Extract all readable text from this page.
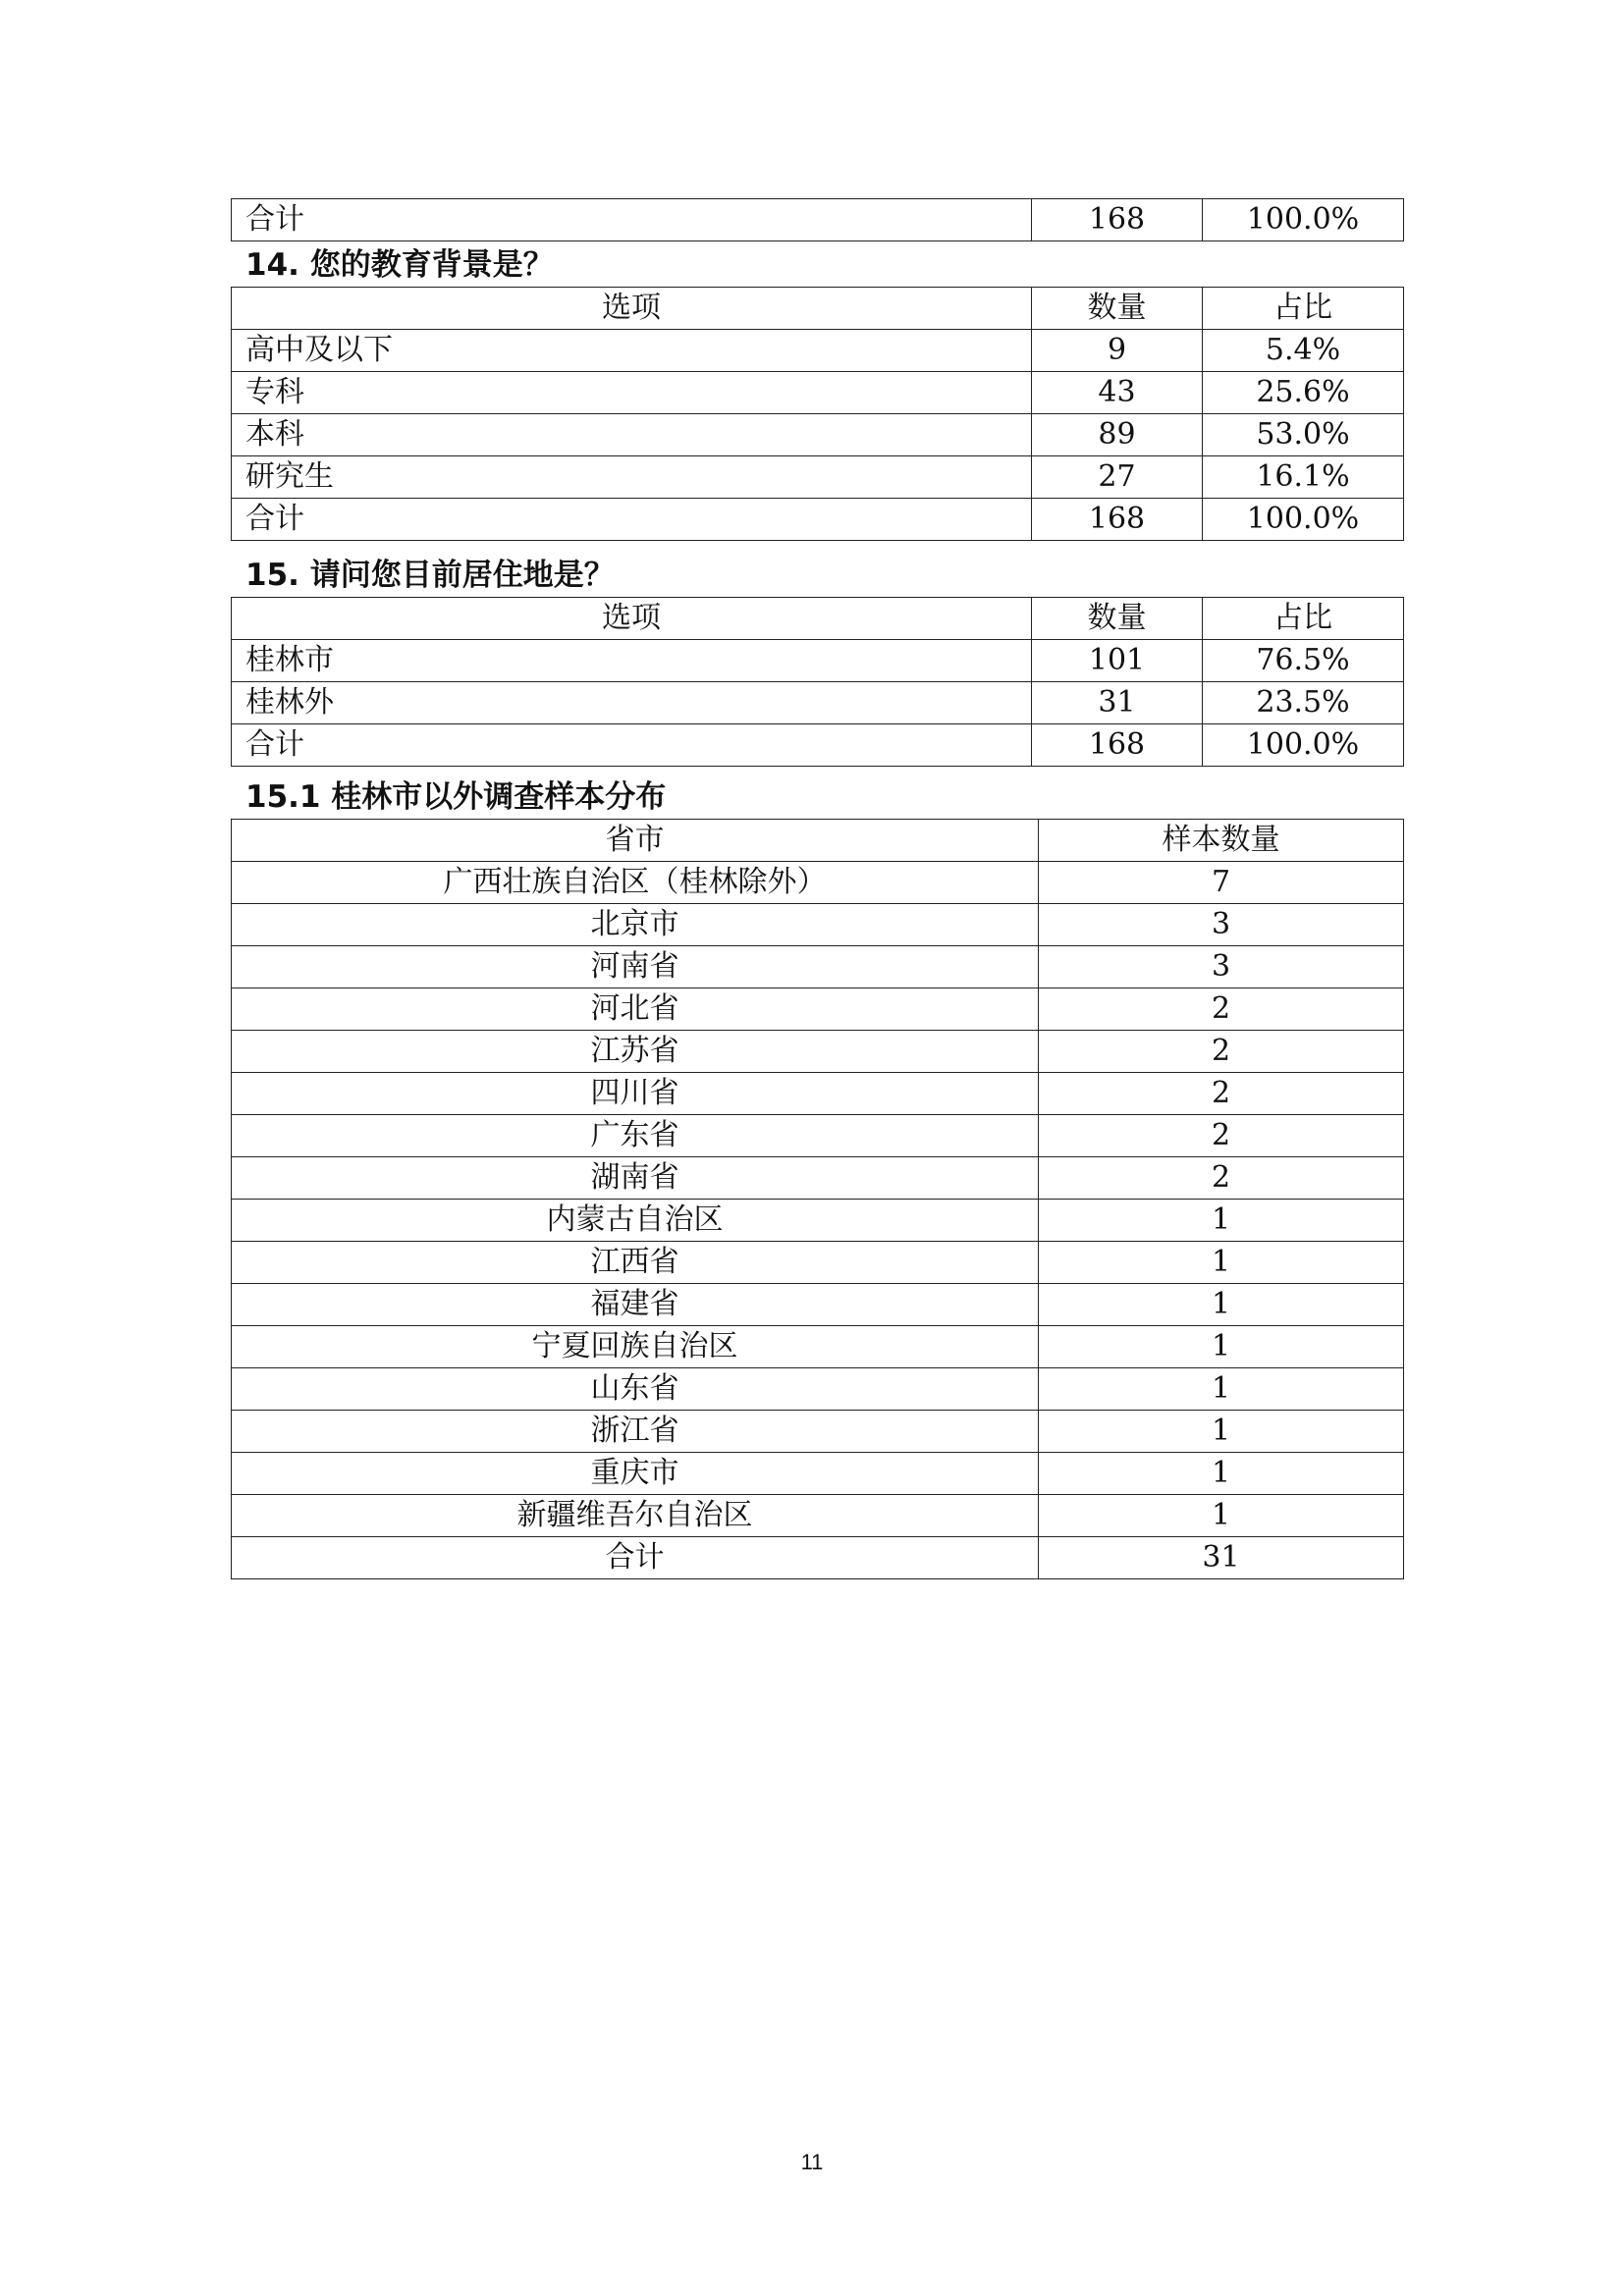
合计	168	100.0%
14. 您的教育背景是？
选项	数量	占比
高中及以下	9	5.4%
专科	43	25.6%
本科	89	53.0%
研究生	27	16.1%
合计	168	100.0%
15. 请问您目前居住地是？
选项	数量	占比
桂林市	101	76.5%
桂林外	31	23.5%
合计	168	100.0%
15.1 桂林市以外调查样本分布
省市	样本数量
广西壮族自治区（桂林除外）	7
北京市	3
河南省	3
河北省	2
江苏省	2
四川省	2
广东省	2
湖南省	2
内蒙古自治区	1
江西省	1
福建省	1
宁夏回族自治区	1
山东省	1
浙江省	1
重庆市	1
新疆维吾尔自治区	1
合计	31
11
